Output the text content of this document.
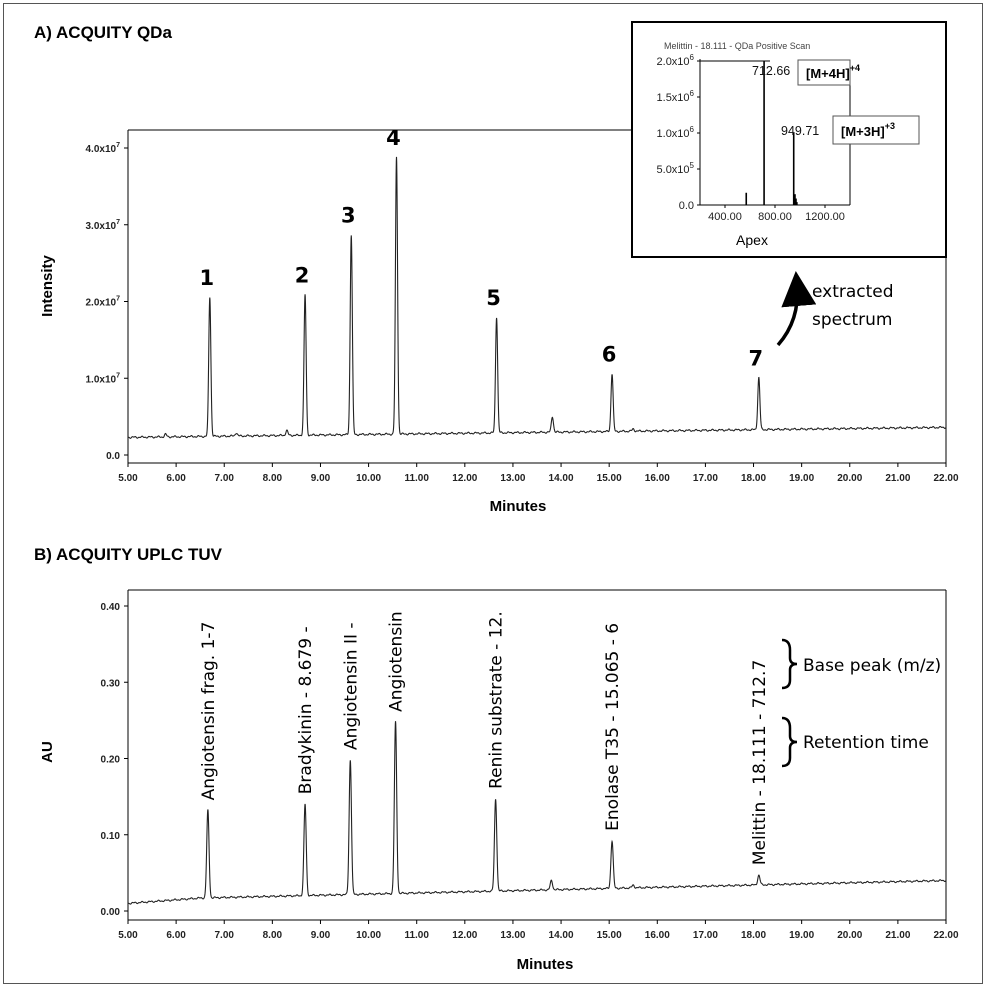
A) ACQUITY QDa
B) ACQUITY UPLC TUV
Minutes
Intensity
5.00	6.00	7.00	8.00	9.00	10.00 11.00 12.00 13.00 14.00 15.00 16.00 17.00 18.00 19.00 20.00 21.00 22.00
0.0
$1.0x10^7$
$2.0x10^7$
$3.0x10^7$
$4.0x10^7$
1	2
3
4
5
6	7
Melittin - 18.111 - QDa Positive Scan
400.00 800.00 1200.00
0.0
$5.0x10^5$
$1.0x10^6$
$1.5x10^6$
$2.0x10^6$
712.66
949.71
Apex
$[M+4H]^{+4}$
$[M+3H]^{+3}$
extracted
spectrum
Minutes
AU
5.00	6.00	7.00	8.00	9.00	10.00 11.00 12.00 13.00 14.00 15.00 16.00 17.00 18.00 19.00 20.00 21.00 22.00
0.00
0.10
0.20
0.30
0.40
Angiotensin frag. 1-7	Bradykinin - 8.679 - Angiotensin II - Angiotensin	Renin substrate - 12.	Enolase T35 - 15.065 - 6	Melittin - 18.111 - 712.7 Base peak (m/z)
Retention time
